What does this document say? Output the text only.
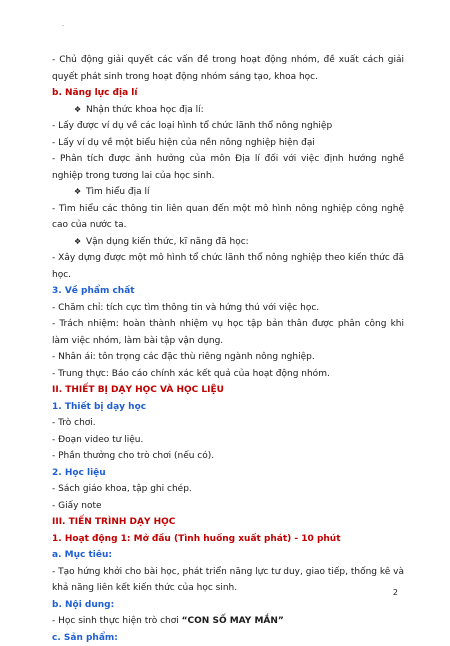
-
- Chủ động giải quyết các vấn đề trong hoạt động nhóm, đề xuất cách giải quyết phát sinh trong hoạt động nhóm sáng tạo, khoa học.
b. Năng lực địa lí
❖ Nhận thức khoa học địa lí:
- Lấy được ví dụ về các loại hình tổ chức lãnh thổ nông nghiệp
- Lấy ví dụ về một biểu hiện của nền nông nghiệp hiện đại
- Phân tích được ảnh hưởng của môn Địa lí đối với việc định hướng nghề nghiệp trong tương lai của học sinh.
❖ Tìm hiểu địa lí
- Tìm hiểu các thông tin liên quan đến một mô hình nông nghiệp công nghệ cao của nước ta.
❖ Vận dụng kiến thức, kĩ năng đã học:
- Xây dựng được một mô hình tổ chức lãnh thổ nông nghiệp theo kiến thức đã học.
3. Về phẩm chất
- Chăm chỉ: tích cực tìm thông tin và hứng thú với việc học.
- Trách nhiệm: hoàn thành nhiệm vụ học tập bản thân được phân công khi làm việc nhóm, làm bài tập vận dụng.
- Nhân ái: tôn trọng các đặc thù riêng ngành nông nghiệp.
- Trung thực: Báo cáo chính xác kết quả của hoạt động nhóm.
II. THIẾT BỊ DẠY HỌC VÀ HỌC LIỆU
1. Thiết bị dạy học
- Trò chơi.
- Đoạn video tư liệu.
- Phần thưởng cho trò chơi (nếu có).
2. Học liệu
- Sách giáo khoa, tập ghi chép.
- Giấy note
III. TIẾN TRÌNH DẠY HỌC
1. Hoạt động 1: Mở đầu (Tình huống xuất phát) - 10 phút
a. Mục tiêu:
- Tạo hứng khởi cho bài học, phát triển năng lực tư duy, giao tiếp, thống kê và khả năng liên kết kiến thức của học sinh.
b. Nội dung:
- Học sinh thực hiện trò chơi “CON SỐ MAY MẮN”
c. Sản phẩm:
2
